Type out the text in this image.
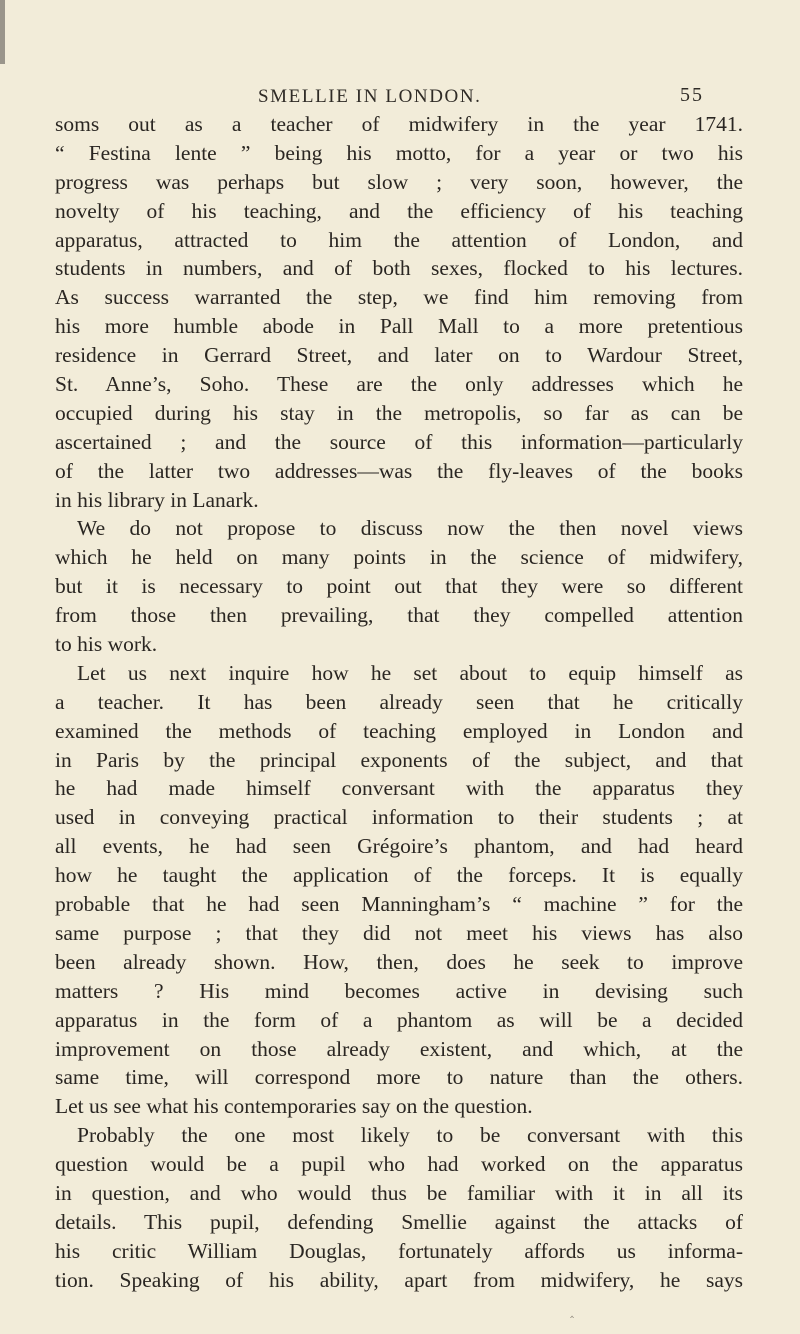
SMELLIE IN LONDON.	55
soms out as a teacher of midwifery in the year 1741.
“ Festina lente ” being his motto, for a year or two his
progress was perhaps but slow ; very soon, however, the
novelty of his teaching, and the efficiency of his teaching
apparatus, attracted to him the attention of London, and
students in numbers, and of both sexes, flocked to his lectures.
As success warranted the step, we find him removing from
his more humble abode in Pall Mall to a more pretentious
residence in Gerrard Street, and later on to Wardour Street,
St. Anne’s, Soho. These are the only addresses which he
occupied during his stay in the metropolis, so far as can be
ascertained ; and the source of this information—particularly
of the latter two addresses—was the fly-leaves of the books
in his library in Lanark.
We do not propose to discuss now the then novel views
which he held on many points in the science of midwifery,
but it is necessary to point out that they were so different
from those then prevailing, that they compelled attention
to his work.
Let us next inquire how he set about to equip himself as
a teacher. It has been already seen that he critically
examined the methods of teaching employed in London and
in Paris by the principal exponents of the subject, and that
he had made himself conversant with the apparatus they
used in conveying practical information to their students ; at
all events, he had seen Grégoire’s phantom, and had heard
how he taught the application of the forceps. It is equally
probable that he had seen Manningham’s “ machine ” for the
same purpose ; that they did not meet his views has also
been already shown. How, then, does he seek to improve
matters ? His mind becomes active in devising such
apparatus in the form of a phantom as will be a decided
improvement on those already existent, and which, at the
same time, will correspond more to nature than the others.
Let us see what his contemporaries say on the question.
Probably the one most likely to be conversant with this
question would be a pupil who had worked on the apparatus
in question, and who would thus be familiar with it in all its
details. This pupil, defending Smellie against the attacks of
his critic William Douglas, fortunately affords us informa-
tion. Speaking of his ability, apart from midwifery, he says
‸
